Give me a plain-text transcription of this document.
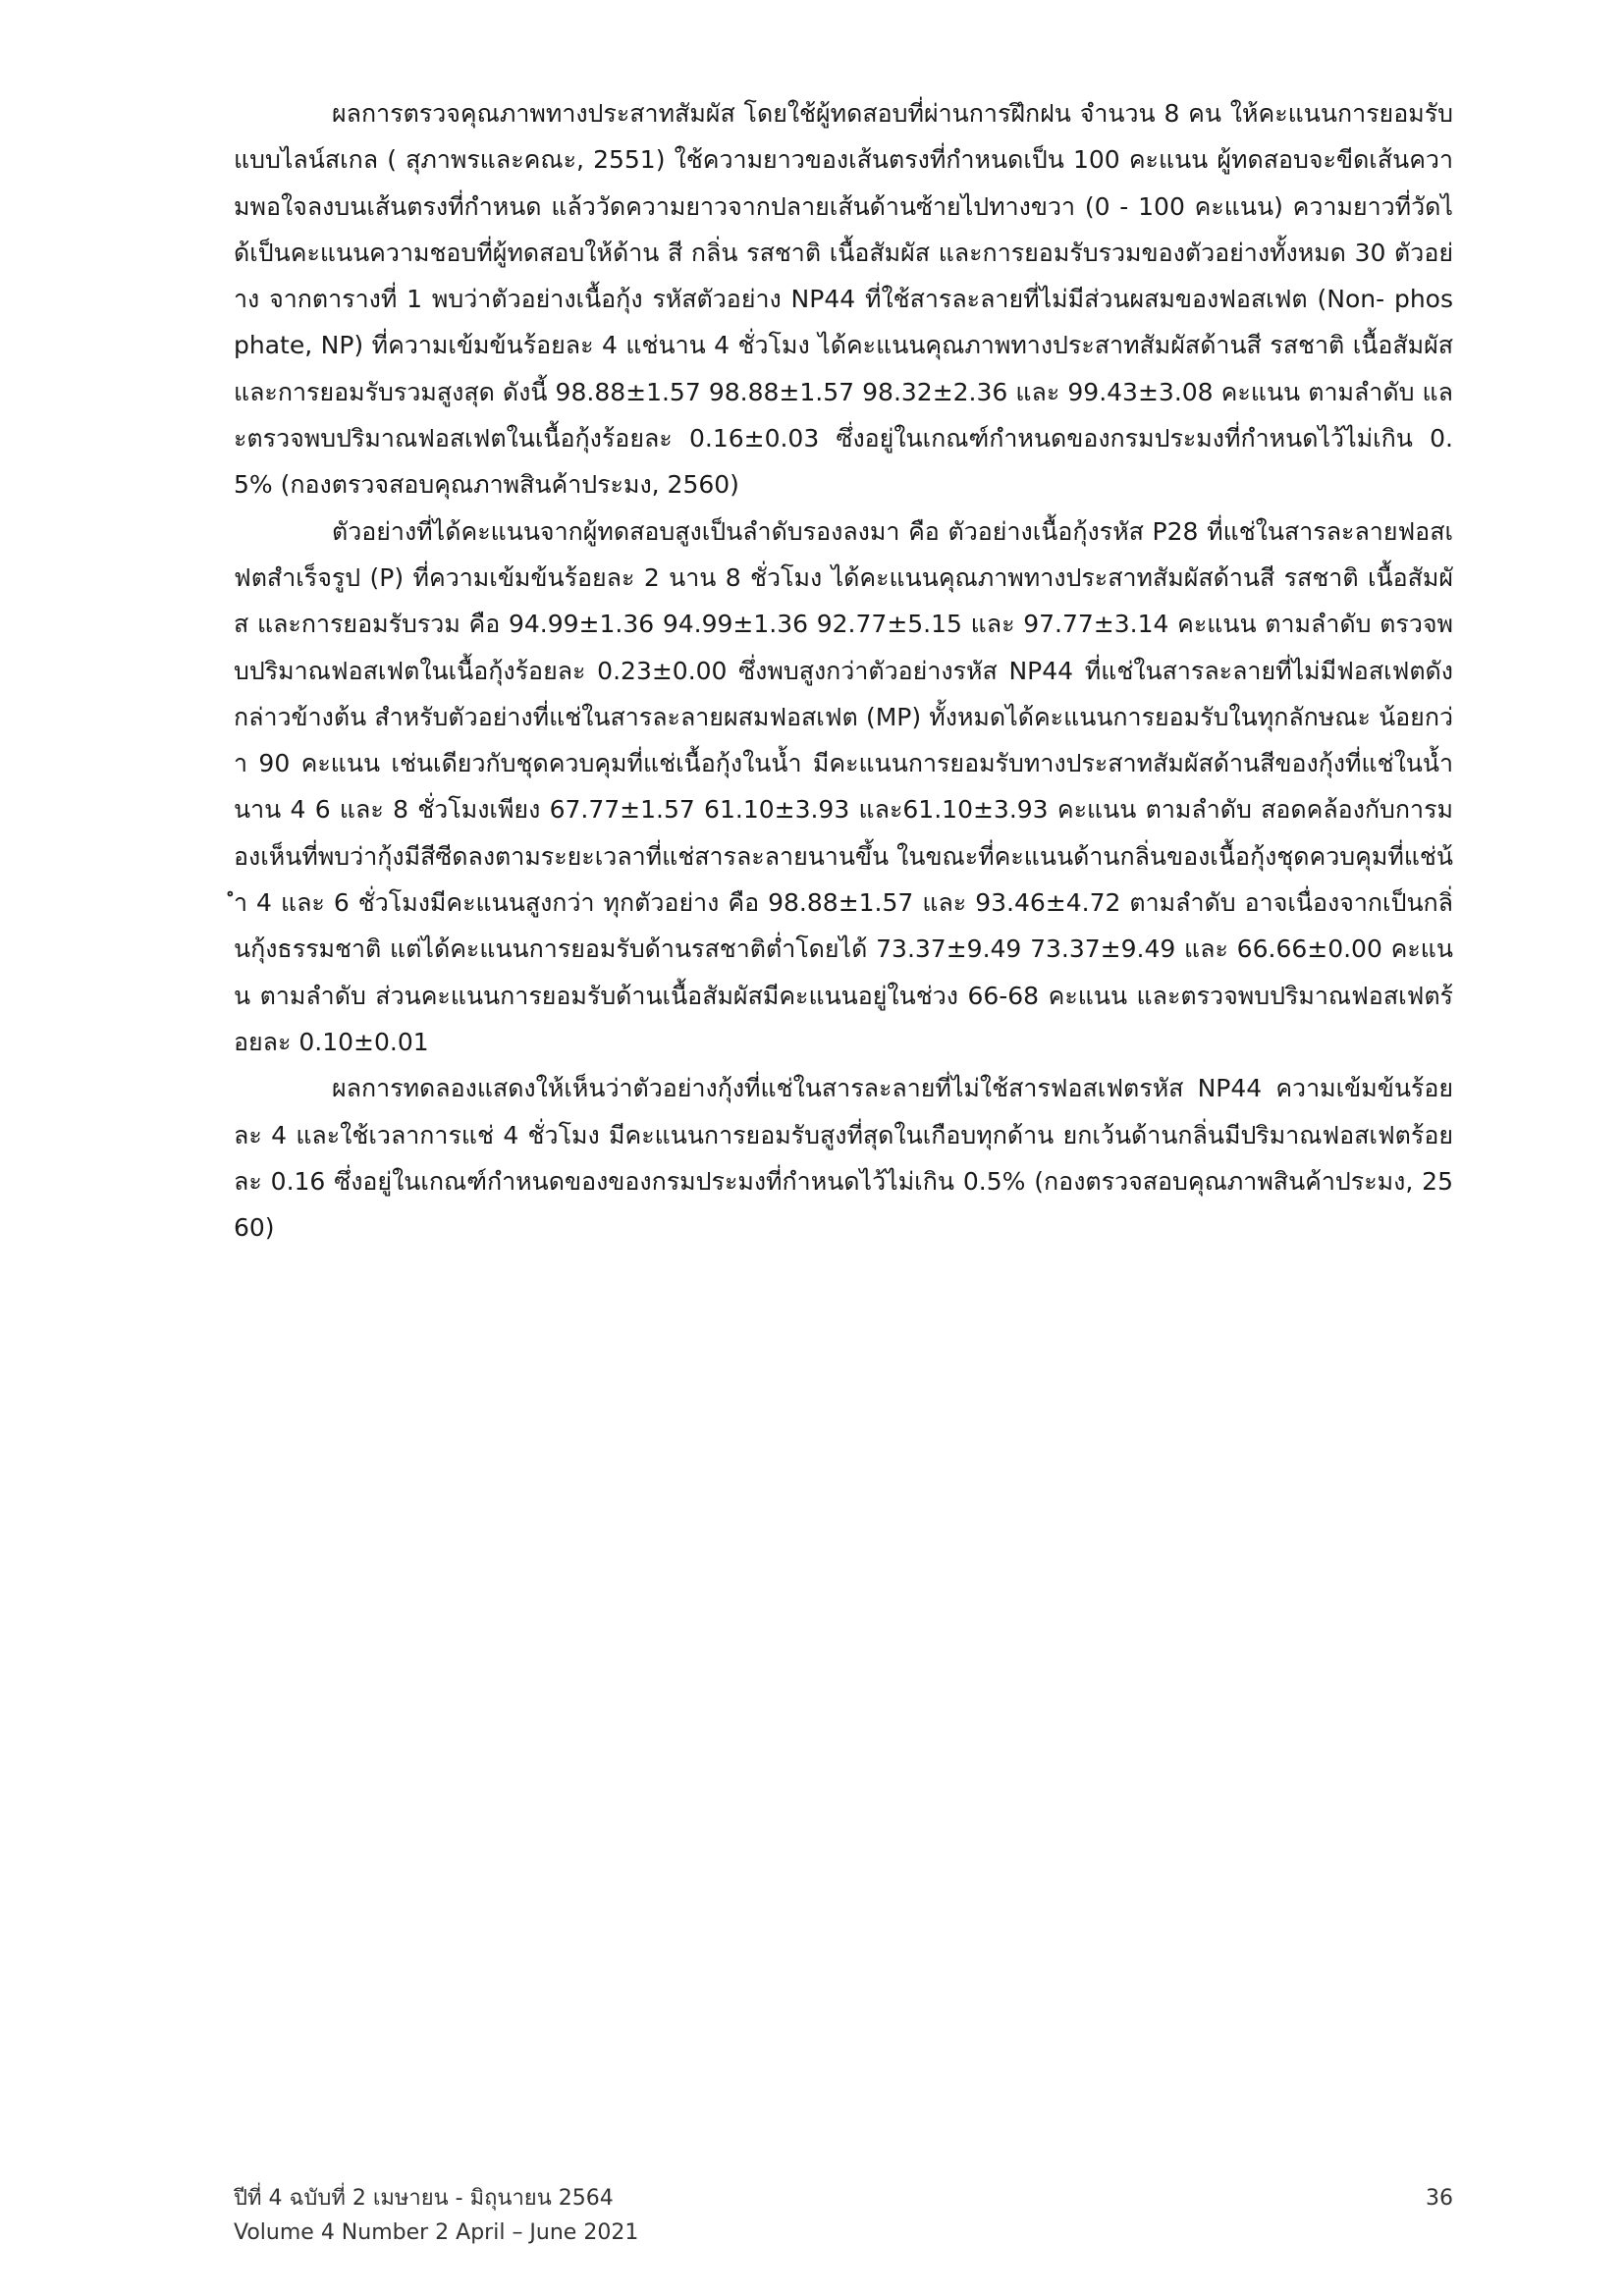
ผลการตรวจคุณภาพทางประสาทสัมผัส โดยใช้ผู้ทดสอบที่ผ่านการฝึกฝน จำนวน 8 คน ให้คะแนนการยอมรับแบบไลน์สเกล ( สุภาพรและคณะ, 2551) ใช้ความยาวของเส้นตรงที่กำหนดเป็น 100 คะแนน ผู้ทดสอบจะขีดเส้นความพอใจลงบนเส้นตรงที่กำหนด แล้ววัดความยาวจากปลายเส้นด้านซ้ายไปทางขวา (0 - 100 คะแนน) ความยาวที่วัดได้เป็นคะแนนความชอบที่ผู้ทดสอบให้ด้าน สี กลิ่น รสชาติ เนื้อสัมผัส และการยอมรับรวมของตัวอย่างทั้งหมด 30 ตัวอย่าง จากตารางที่ 1 พบว่าตัวอย่างเนื้อกุ้ง รหัสตัวอย่าง NP44 ที่ใช้สารละลายที่ไม่มีส่วนผสมของฟอสเฟต (Non- phosphate, NP) ที่ความเข้มข้นร้อยละ 4 แช่นาน 4 ชั่วโมง ได้คะแนนคุณภาพทางประสาทสัมผัสด้านสี รสชาติ เนื้อสัมผัส และการยอมรับรวมสูงสุด ดังนี้ 98.88±1.57 98.88±1.57 98.32±2.36 และ 99.43±3.08 คะแนน ตามลำดับ และตรวจพบปริมาณฟอสเฟตในเนื้อกุ้งร้อยละ 0.16±0.03 ซึ่งอยู่ในเกณฑ์กำหนดของกรมประมงที่กำหนดไว้ไม่เกิน 0.5% (กองตรวจสอบคุณภาพสินค้าประมง, 2560)

ตัวอย่างที่ได้คะแนนจากผู้ทดสอบสูงเป็นลำดับรองลงมา คือ ตัวอย่างเนื้อกุ้งรหัส P28 ที่แช่ในสารละลายฟอสเฟตสำเร็จรูป (P) ที่ความเข้มข้นร้อยละ 2 นาน 8 ชั่วโมง ได้คะแนนคุณภาพทางประสาทสัมผัสด้านสี รสชาติ เนื้อสัมผัส และการยอมรับรวม คือ 94.99±1.36 94.99±1.36 92.77±5.15 และ 97.77±3.14 คะแนน ตามลำดับ ตรวจพบปริมาณฟอสเฟตในเนื้อกุ้งร้อยละ 0.23±0.00 ซึ่งพบสูงกว่าตัวอย่างรหัส NP44 ที่แช่ในสารละลายที่ไม่มีฟอสเฟตดังกล่าวข้างต้น สำหรับตัวอย่างที่แช่ในสารละลายผสมฟอสเฟต (MP) ทั้งหมดได้คะแนนการยอมรับในทุกลักษณะ น้อยกว่า 90 คะแนน เช่นเดียวกับชุดควบคุมที่แช่เนื้อกุ้งในน้ำ มีคะแนนการยอมรับทางประสาทสัมผัสด้านสีของกุ้งที่แช่ในน้ำนาน 4 6 และ 8 ชั่วโมงเพียง 67.77±1.57 61.10±3.93 และ61.10±3.93 คะแนน ตามลำดับ สอดคล้องกับการมองเห็นที่พบว่ากุ้งมีสีซีดลงตามระยะเวลาที่แช่สารละลายนานขึ้น ในขณะที่คะแนนด้านกลิ่นของเนื้อกุ้งชุดควบคุมที่แช่น้ำ 4 และ 6 ชั่วโมงมีคะแนนสูงกว่า ทุกตัวอย่าง คือ 98.88±1.57 และ 93.46±4.72 ตามลำดับ อาจเนื่องจากเป็นกลิ่นกุ้งธรรมชาติ แต่ได้คะแนนการยอมรับด้านรสชาติต่ำโดยได้ 73.37±9.49 73.37±9.49 และ 66.66±0.00 คะแนน ตามลำดับ ส่วนคะแนนการยอมรับด้านเนื้อสัมผัสมีคะแนนอยู่ในช่วง 66-68 คะแนน และตรวจพบปริมาณฟอสเฟตร้อยละ 0.10±0.01

ผลการทดลองแสดงให้เห็นว่าตัวอย่างกุ้งที่แช่ในสารละลายที่ไม่ใช้สารฟอสเฟตรหัส NP44 ความเข้มข้นร้อยละ 4 และใช้เวลาการแช่ 4 ชั่วโมง มีคะแนนการยอมรับสูงที่สุดในเกือบทุกด้าน ยกเว้นด้านกลิ่นมีปริมาณฟอสเฟตร้อยละ 0.16 ซึ่งอยู่ในเกณฑ์กำหนดของของกรมประมงที่กำหนดไว้ไม่เกิน 0.5% (กองตรวจสอบคุณภาพสินค้าประมง, 2560)

ปีที่ 4 ฉบับที่ 2 เมษายน - มิถุนายน 2564
Volume 4 Number 2 April – June 2021
36
